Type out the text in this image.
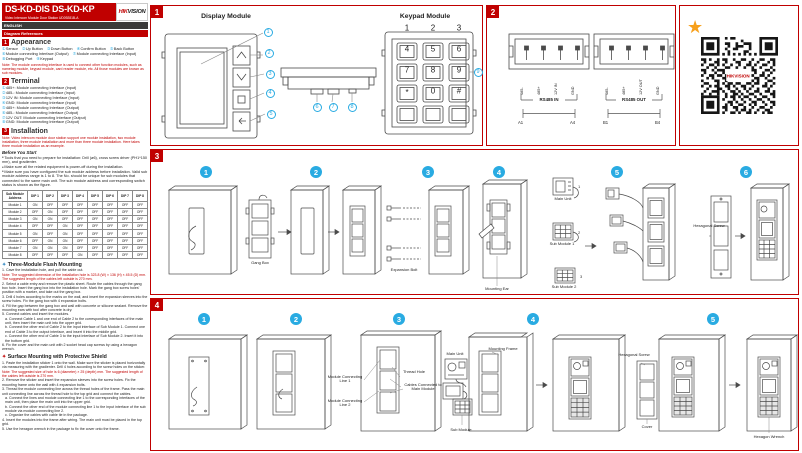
DS-KD-DIS DS-KD-KP
Video Intercom Module Door Station UD09281B-A
HIK VISION
ENGLISH
Diagram References
1 Appearance
①Sensor ②Up Button ③Down Button ④Confirm Button ⑤Back Button ⑥Module connecting Interface (Output) ⑦Module connecting Interface (Input) ⑧Debugging Port ⑨Keypad
Note: The module connecting interface is used to connect other function modules, such as nametag module, keypad module, card reader module, etc. All those modules are known as sub modules.
2 Terminal
①485+: Module connecting Interface (Input)
②485-: Module connecting Interface (Input)
③12V IN: Module connecting Interface (Input)
④GND: Module connecting Interface (Input)
⑤485+: Module connecting Interface (Output)
⑥485-: Module connecting Interface (Output)
⑦12V OUT: Module connecting Interface (Output)
⑧GND: Module connecting Interface (Output)
3 Installation
Note: Video intercom module door station support one module installation, two module installation, three module installation and more than three module installation. Here takes three module installation as an example.
Before You Start
●Tools that you need to prepare for installation: Drill (ø6), cross screw driver (PH1*150 mm), and gradienter.
●Make sure all the related equipment is power-off during the installation.
●Make sure you have configured the sub module address before installation. Valid sub module address range is 1 to 8. The No. should be unique for sub modules that connected to the same main unit. The sub module address and corresponding switch status is shown as the figure.
Sub Module Address	DIP 1	DIP 2	DIP 3	DIP 4	DIP 5	DIP 6	DIP 7	DIP 8
Module 1	ON	OFF	OFF	OFF	OFF	OFF	OFF	OFF
Module 2	OFF	ON	OFF	OFF	OFF	OFF	OFF	OFF
Module 3	ON	ON	OFF	OFF	OFF	OFF	OFF	OFF
Module 4	OFF	OFF	ON	OFF	OFF	OFF	OFF	OFF
Module 5	ON	OFF	ON	OFF	OFF	OFF	OFF	OFF
Module 6	OFF	ON	ON	OFF	OFF	OFF	OFF	OFF
Module 7	ON	ON	ON	OFF	OFF	OFF	OFF	OFF
Module 8	OFF	OFF	OFF	ON	OFF	OFF	OFF	OFF
✦ Three-Module Flush Mounting
1. Cave the installation hole, and pull the cable out.
Note: The suggested dimension of the installation hole is 323.8 (W) × 136 (H) × 45.5 (D) mm. The suggested length of the cables left outside is 270 mm.
2. Select a cable entry and remove the plastic sheet. Route the cables through the gang box hole. Insert the gang box into the installation hole. Mark the gang box screw holes' position with a marker, and take out the gang box.
3. Drill 4 holes according to the marks on the wall, and insert the expansion sleeves into the screw holes. Fix the gang box with 4 expansion bolts.
4. Fill the gap between the gang box and wall with concrete or silicone sealant. Remove the mounting ears with tool after concrete is dry.
5. Connect cables and insert the modules.
a. Connect Cable 1 and one end of Cable 2 to the corresponding interfaces of the main unit, then insert the main unit into the upper grid.
b. Connect the other end of Cable 2 to the input interface of Sub Module 1. Connect one end of Cable 3 to the output interface, and insert it into the middle grid.
c. Connect the other end of Cable 3 to the input interface of Sub Module 2. Insert it into the bottom grid.
6. Fix the cover and the main unit with 2 socket head cap screws by using a hexagon wrench.
✦ Surface Mounting with Protective Shield
1. Paste the installation sticker 1 onto the wall. Make sure the sticker is placed horizontally via measuring with the gradienter. Drill 4 holes according to the screw holes on the sticker.
Note: The suggested size of hole is 6 (diameter) × 25 (depth) mm. The suggested length of the cables left outside is 270 mm.
2. Remove the sticker and insert the expansion sleeves into the screw holes. Fix the mounting frame onto the wall with 4 expansion bolts.
3. Thread the module connecting line across the thread holes of the frame. Pass the main unit connecting line across the thread hole to the top grid and connect the cables.
a. Connect the lines and module connecting line 1 to the corresponding interfaces of the main unit, then place the main unit into the upper grid.
b. Connect the other end of the module connecting line 1 to the input interface of the sub module via module connecting line 2.
c. Organize the cables with cable tie in the package.
4. Insert the modules into the frame after wiring. The main unit must be placed in the top grid.
5. Use the hexagon wrench in the package to fix the cover onto the frame.
1	Display Module	Keypad Module
1	2	3
4	5	6
7	8	9
*	0	#
1
2
3
4
5
6	7	8
9
2
485-	485+	12V IN	GND	485-	485+	12V OUT	GND
RS485 IN	RS485 OUT
A1	A4	B1	B4
★
HIKVISION
3
1
2
3
1	2	3	4	5	6
Gang Box
Expansion Bolt
Mounting Ear
Main Unit
Sub Module 1
Sub Module 2
Hexagonal Screw
4
1	2	3	4	5
Module Connecting Line 1
Thread Hole
Cables Connected to Main Module
Module Connecting Line 2
Main Unit
Sub Module
Mounting Frame
Hexagonal Screw
Cover
Hexagon Wrench
